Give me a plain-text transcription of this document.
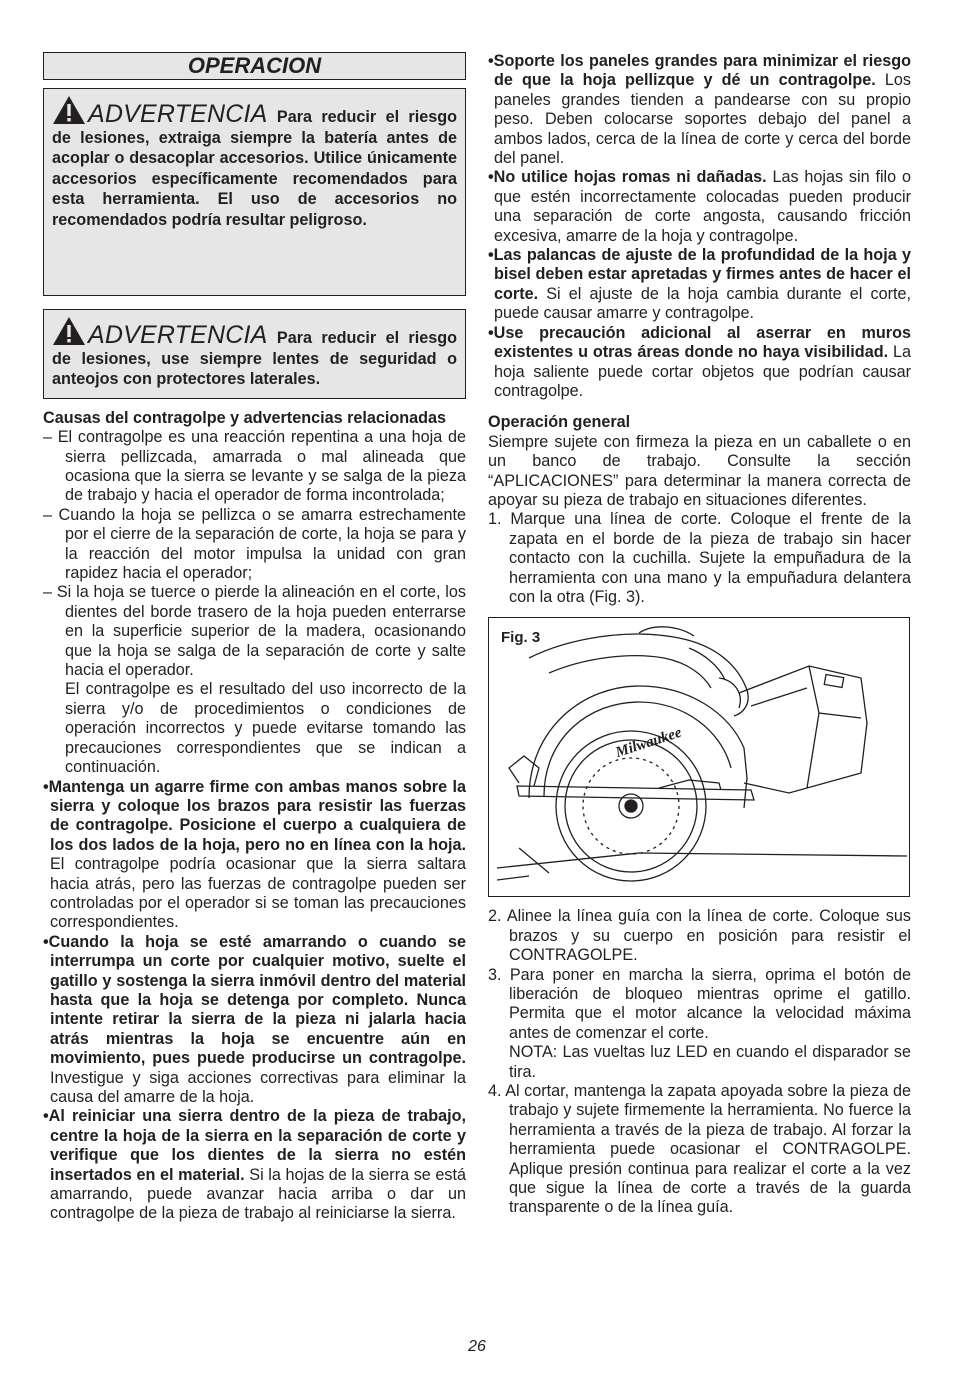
OPERACION
ADVERTENCIA Para reducir el riesgo de lesiones, extraiga siempre la batería antes de acoplar o desacoplar accesorios. Utilice únicamente accesorios específicamente recomendados para esta herramienta. El uso de accesorios no recomendados podría resultar peligroso.
ADVERTENCIA Para reducir el riesgo de lesiones, use siempre lentes de seguridad o anteojos con protectores laterales.

Causas del contragolpe y advertencias relacionadas

– El contragolpe es una reacción repentina a una hoja de sierra pellizcada, amarrada o mal alineada que ocasiona que la sierra se levante y se salga de la pieza de trabajo y hacia el operador de forma incontrolada;

– Cuando la hoja se pellizca o se amarra estrechamente por el cierre de la separación de corte, la hoja se para y la reacción del motor impulsa la unidad con gran rapidez hacia el operador;

– Si la hoja se tuerce o pierde la alineación en el corte, los dientes del borde trasero de la hoja pueden enterrarse en la superficie superior de la madera, ocasionando que la hoja se salga de la separación de corte y salte hacia el operador.

El contragolpe es el resultado del uso incorrecto de la sierra y/o de procedimientos o condiciones de operación incorrectos y puede evitarse tomando las precauciones correspondientes que se indican a continuación.

•Mantenga un agarre firme con ambas manos sobre la sierra y coloque los brazos para resistir las fuerzas de contragolpe. Posicione el cuerpo a cualquiera de los dos lados de la hoja, pero no en línea con la hoja. El contragolpe podría ocasionar que la sierra saltara hacia atrás, pero las fuerzas de contragolpe pueden ser controladas por el operador si se toman las precauciones correspondientes.

•Cuando la hoja se esté amarrando o cuando se interrumpa un corte por cualquier motivo, suelte el gatillo y sostenga la sierra inmóvil dentro del material hasta que la hoja se detenga por completo. Nunca intente retirar la sierra de la pieza ni jalarla hacia atrás mientras la hoja se encuentre aún en movimiento, pues puede producirse un contragolpe. Investigue y siga acciones correctivas para eliminar la causa del amarre de la hoja.

•Al reiniciar una sierra dentro de la pieza de trabajo, centre la hoja de la sierra en la separación de corte y verifique que los dientes de la sierra no estén insertados en el material. Si la hojas de la sierra se está amarrando, puede avanzar hacia arriba o dar un contragolpe de la pieza de trabajo al reiniciarse la sierra.

•Soporte los paneles grandes para minimizar el riesgo de que la hoja pellizque y dé un contragolpe. Los paneles grandes tienden a pandearse con su propio peso. Deben colocarse soportes debajo del panel a ambos lados, cerca de la línea de corte y cerca del borde del panel.

•No utilice hojas romas ni dañadas. Las hojas sin filo o que estén incorrectamente colocadas pueden producir una separación de corte angosta, causando fricción excesiva, amarre de la hoja y contragolpe.

•Las palancas de ajuste de la profundidad de la hoja y bisel deben estar apretadas y firmes antes de hacer el corte. Si el ajuste de la hoja cambia durante el corte, puede causar amarre y contragolpe.

•Use precaución adicional al aserrar en muros existentes u otras áreas donde no haya visibilidad. La hoja saliente puede cortar objetos que podrían causar contragolpe.

Operación general

Siempre sujete con firmeza la pieza en un caballete o en un banco de trabajo. Consulte la sección “APLICACIONES” para determinar la manera correcta de apoyar su pieza de trabajo en situaciones diferentes.

1. Marque una línea de corte. Coloque el frente de la zapata en el borde de la pieza de trabajo sin hacer contacto con la cuchilla. Sujete la empuñadura de la herramienta con una mano y la empuñadura delantera con la otra (Fig. 3).

Milwaukee
Fig. 3

2. Alinee la línea guía con la línea de corte. Coloque sus brazos y su cuerpo en posición para resistir el CONTRAGOLPE.

3. Para poner en marcha la sierra, oprima el botón de liberación de bloqueo mientras oprime el gatillo. Permita que el motor alcance la velocidad máxima antes de comenzar el corte.

NOTA: Las vueltas luz LED en cuando el disparador se tira.

4. Al cortar, mantenga la zapata apoyada sobre la pieza de trabajo y sujete firmemente la herramienta. No fuerce la herramienta a través de la pieza de trabajo. Al forzar la herramienta puede ocasionar el CONTRAGOLPE. Aplique presión continua para realizar el corte a la vez que sigue la línea de corte a través de la guarda transparente o de la línea guía.

26
